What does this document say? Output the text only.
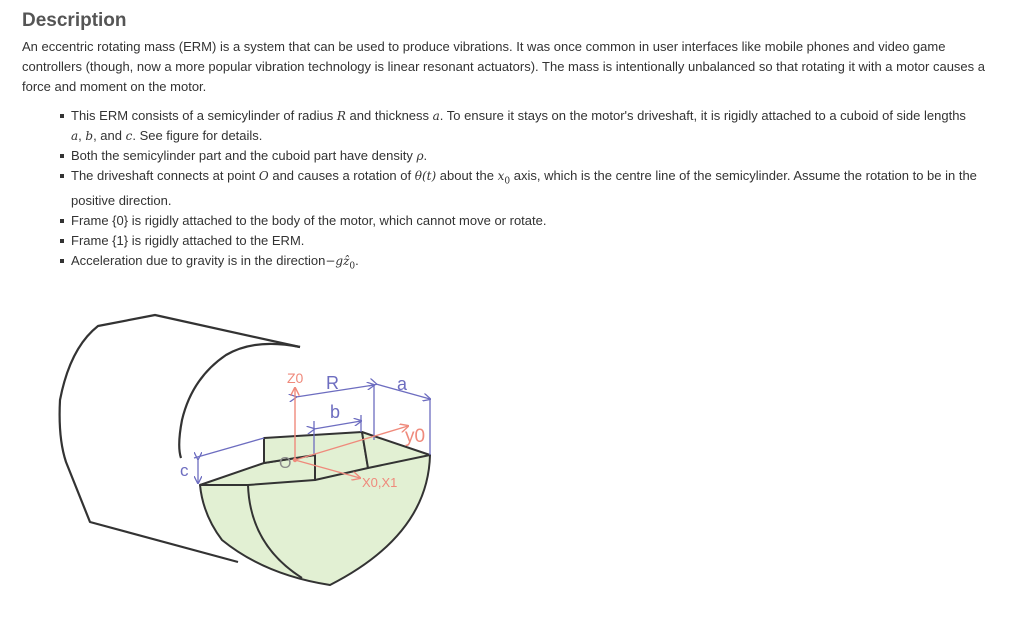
Description

An eccentric rotating mass (ERM) is a system that can be used to produce vibrations. It was once common in user interfaces like mobile phones and video game controllers (though, now a more popular vibration technology is linear resonant actuators). The mass is intentionally unbalanced so that rotating it with a motor causes a force and moment on the motor.

This ERM consists of a semicylinder of radius R and thickness a. To ensure it stays on the motor's driveshaft, it is rigidly attached to a cuboid of side lengths
a, b, and c. See figure for details.
Both the semicylinder part and the cuboid part have density ρ.
The driveshaft connects at point O and causes a rotation of θ(t) about the $x_0$ axis, which is the centre line of the semicylinder. Assume the rotation to be in the positive direction.
Frame {0} is rigidly attached to the body of the motor, which cannot move or rotate.
Frame {1} is rigidly attached to the ERM.
Acceleration due to gravity is in the direction−gẑ$_0$.
Z0 R	a
b
y0
c	O
X0,X1
